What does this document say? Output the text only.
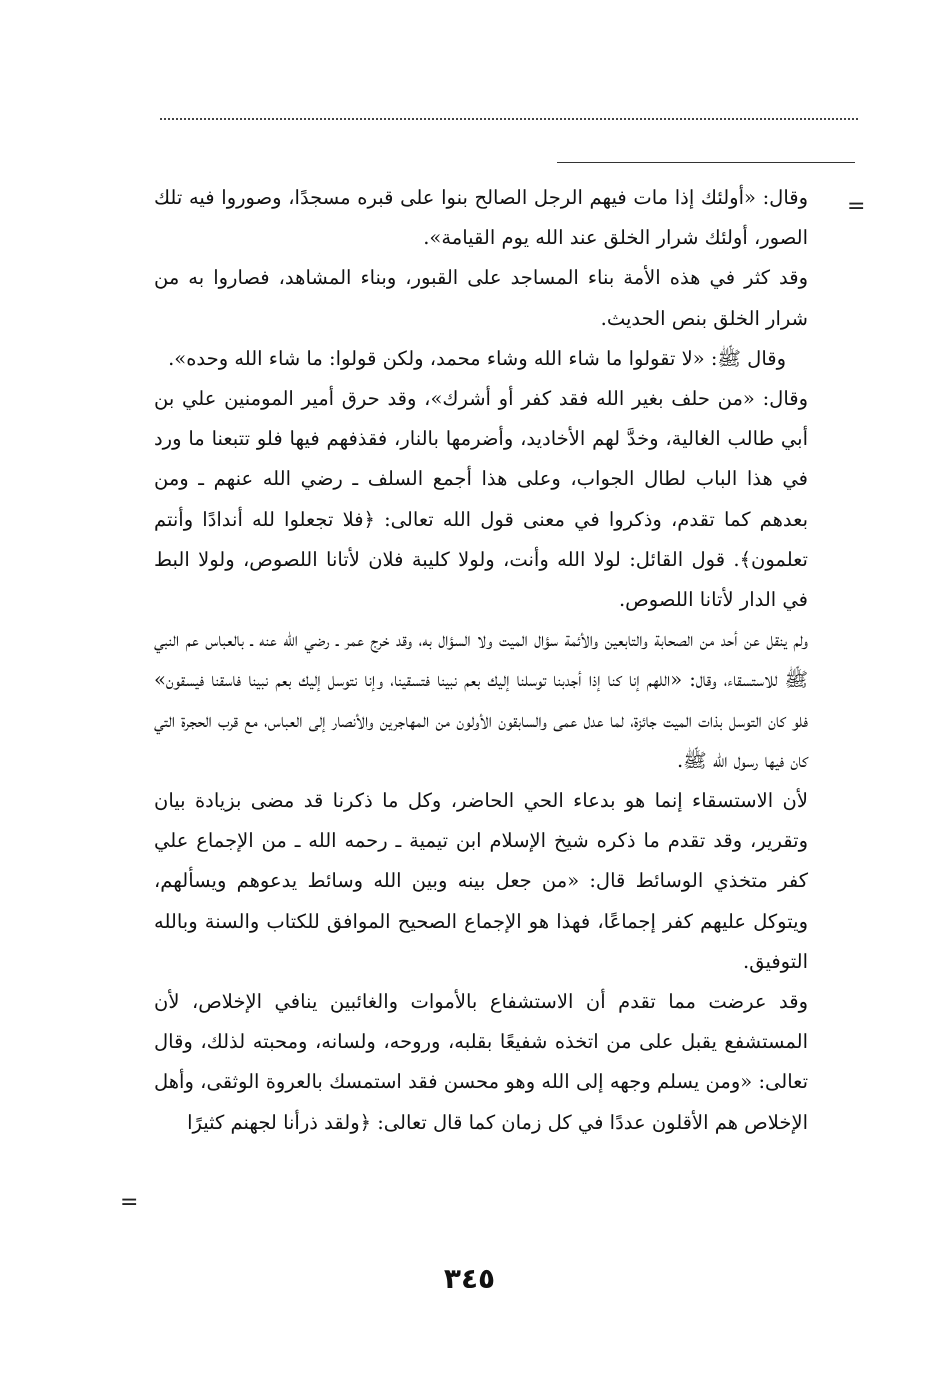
=

وقال: «أولئك إذا مات فيهم الرجل الصالح بنوا على قبره مسجدًا، وصوروا فيه تلك الصور، أولئك شرار الخلق عند الله يوم القيامة».

وقد كثر في هذه الأمة بناء المساجد على القبور، وبناء المشاهد، فصاروا به من شرار الخلق بنص الحديث.

وقال ﷺ: «لا تقولوا ما شاء الله وشاء محمد، ولكن قولوا: ما شاء الله وحده».

وقال: «من حلف بغير الله فقد كفر أو أشرك»، وقد حرق أمير المومنين علي بن أبي طالب الغالية، وخدَّ لهم الأخاديد، وأضرمها بالنار، فقذفهم فيها فلو تتبعنا ما ورد في هذا الباب لطال الجواب، وعلى هذا أجمع السلف ـ رضي الله عنهم ـ ومن بعدهم كما تقدم، وذكروا في معنى قول الله تعالى: ﴿فلا تجعلوا لله أندادًا وأنتم تعلمون﴾. قول القائل: لولا الله وأنت، ولولا كليبة فلان لأتانا اللصوص، ولولا البط في الدار لأتانا اللصوص.

ولم ينقل عن أحد من الصحابة والتابعين والأئمة سؤال الميت ولا السؤال به، وقد خرج عمر ـ رضي الله عنه ـ بالعباس عم النبي ﷺ للاستسقاء، وقال: «اللهم إنا كنا إذا أجدبنا توسلنا إليك بعم نبينا فتسقينا، وإنا نتوسل إليك بعم نبينا فاسقنا فيسقون» فلو كان التوسل بذات الميت جائزة، لما عدل عمى والسابقون الأولون من المهاجرين والأنصار إلى العباس، مع قرب الحجرة التي كان فيها رسول الله ﷺ.

لأن الاستسقاء إنما هو بدعاء الحي الحاضر، وكل ما ذكرنا قد مضى بزيادة بيان وتقرير، وقد تقدم ما ذكره شيخ الإسلام ابن تيمية ـ رحمه الله ـ من الإجماع علي كفر متخذي الوسائط قال: «من جعل بينه وبين الله وسائط يدعوهم ويسألهم، ويتوكل عليهم كفر إجماعًا، فهذا هو الإجماع الصحيح الموافق للكتاب والسنة وبالله التوفيق.

وقد عرضت مما تقدم أن الاستشفاع بالأموات والغائبين ينافي الإخلاص، لأن المستشفع يقبل على من اتخذه شفيعًا بقلبه، وروحه، ولسانه، ومحبته لذلك، وقال تعالى: «ومن يسلم وجهه إلى الله وهو محسن فقد استمسك بالعروة الوثقى، وأهل الإخلاص هم الأقلون عددًا في كل زمان كما قال تعالى: ﴿ولقد ذرأنا لجهنم كثيرًا

=
٣٤٥
